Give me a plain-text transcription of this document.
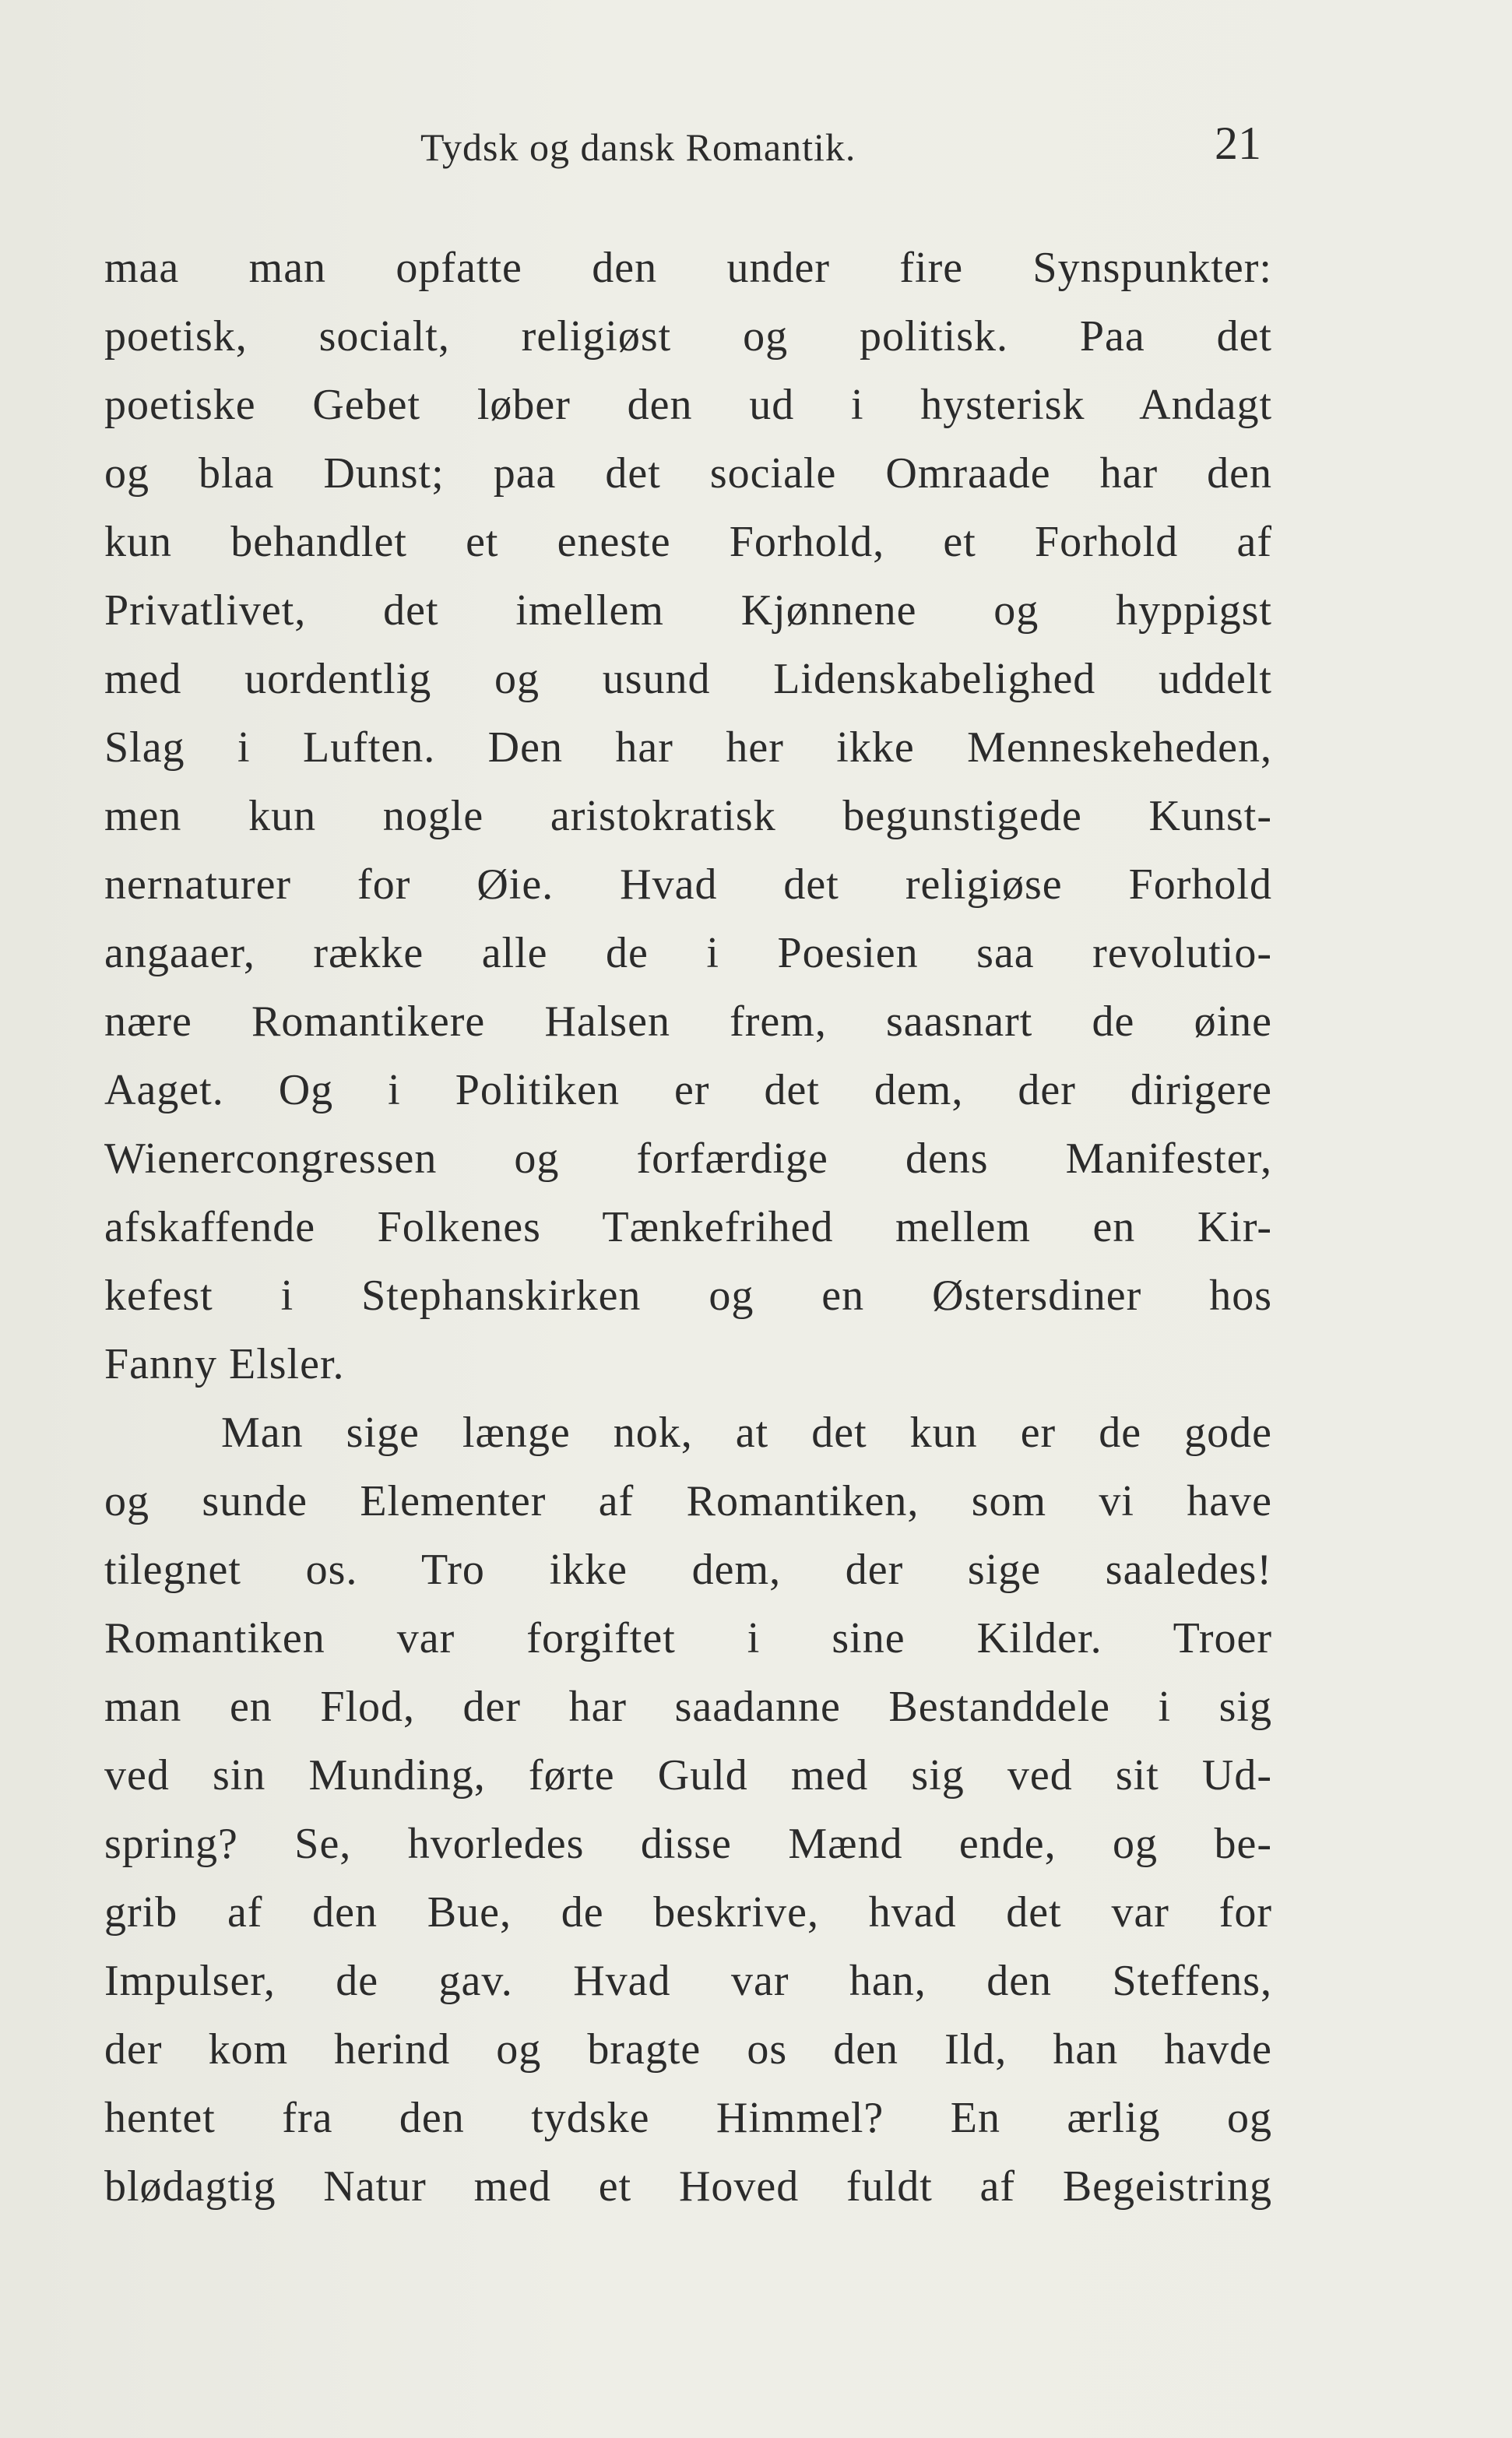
Tydsk og dansk Romantik.	21
maa man opfatte den under fire Synspunkter:
poetisk, socialt, religiøst og politisk. Paa det
poetiske Gebet løber den ud i hysterisk Andagt
og blaa Dunst; paa det sociale Omraade har den
kun behandlet et eneste Forhold, et Forhold af
Privatlivet, det imellem Kjønnene og hyppigst
med uordentlig og usund Lidenskabelighed uddelt
Slag i Luften. Den har her ikke Menneskeheden,
men kun nogle aristokratisk begunstigede Kunst-
nernaturer for Øie. Hvad det religiøse Forhold
angaaer, række alle de i Poesien saa revolutio-
nære Romantikere Halsen frem, saasnart de øine
Aaget. Og i Politiken er det dem, der dirigere
Wienercongressen og forfærdige dens Manifester,
afskaffende Folkenes Tænkefrihed mellem en Kir-
kefest i Stephanskirken og en Østersdiner hos
Fanny Elsler.
Man sige længe nok, at det kun er de gode
og sunde Elementer af Romantiken, som vi have
tilegnet os. Tro ikke dem, der sige saaledes!
Romantiken var forgiftet i sine Kilder. Troer
man en Flod, der har saadanne Bestanddele i sig
ved sin Munding, førte Guld med sig ved sit Ud-
spring? Se, hvorledes disse Mænd ende, og be-
grib af den Bue, de beskrive, hvad det var for
Impulser, de gav. Hvad var han, den Steffens,
der kom herind og bragte os den Ild, han havde
hentet fra den tydske Himmel? En ærlig og
blødagtig Natur med et Hoved fuldt af Begeistring
